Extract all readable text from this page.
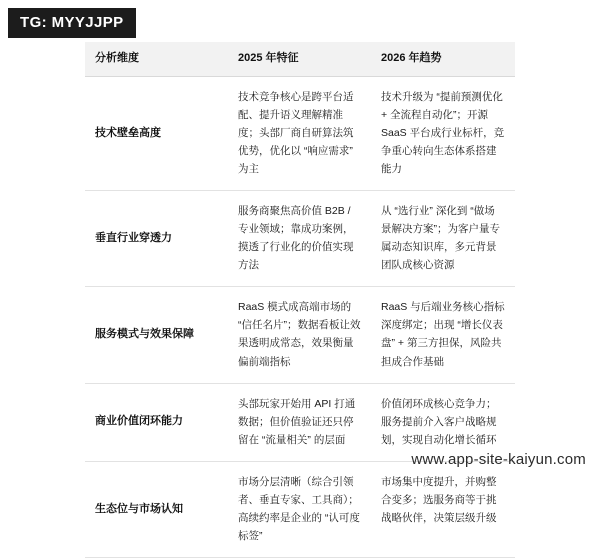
TG: MYYJJPP
分析维度	2025 年特征	2026 年趋势
技术壁垒高度	技术竞争核心是跨平台适配、提升语义理解精准度；头部厂商自研算法筑优势，优化以 “响应需求” 为主	技术升级为 “提前预测优化 + 全流程自动化”；开源 SaaS 平台成行业标杆，竞争重心转向生态体系搭建能力
垂直行业穿透力	服务商聚焦高价值 B2B / 专业领域；靠成功案例，摸透了行业化的价值实现方法	从 “选行业” 深化到 “做场景解决方案”；为客户量专属动态知识库，多元背景团队成核心资源
服务模式与效果保障	RaaS 模式成高端市场的 “信任名片”；数据看板让效果透明成常态，效果衡量偏前端指标	RaaS 与后端业务核心指标深度绑定；出现 “增长仪表盘” + 第三方担保，风险共担成合作基础
商业价值闭环能力	头部玩家开始用 API 打通数据；但价值验证还只停留在 “流量相关” 的层面	价值闭环成核心竞争力；服务提前介入客户战略规划，实现自动化增长循环
生态位与市场认知	市场分层清晰（综合引领者、垂直专家、工具商）；高续约率是企业的 “认可度标签”	市场集中度提升，并购整合变多；选服务商等于挑战略伙伴，决策层级升级
www.app-site-kaiyun.com
